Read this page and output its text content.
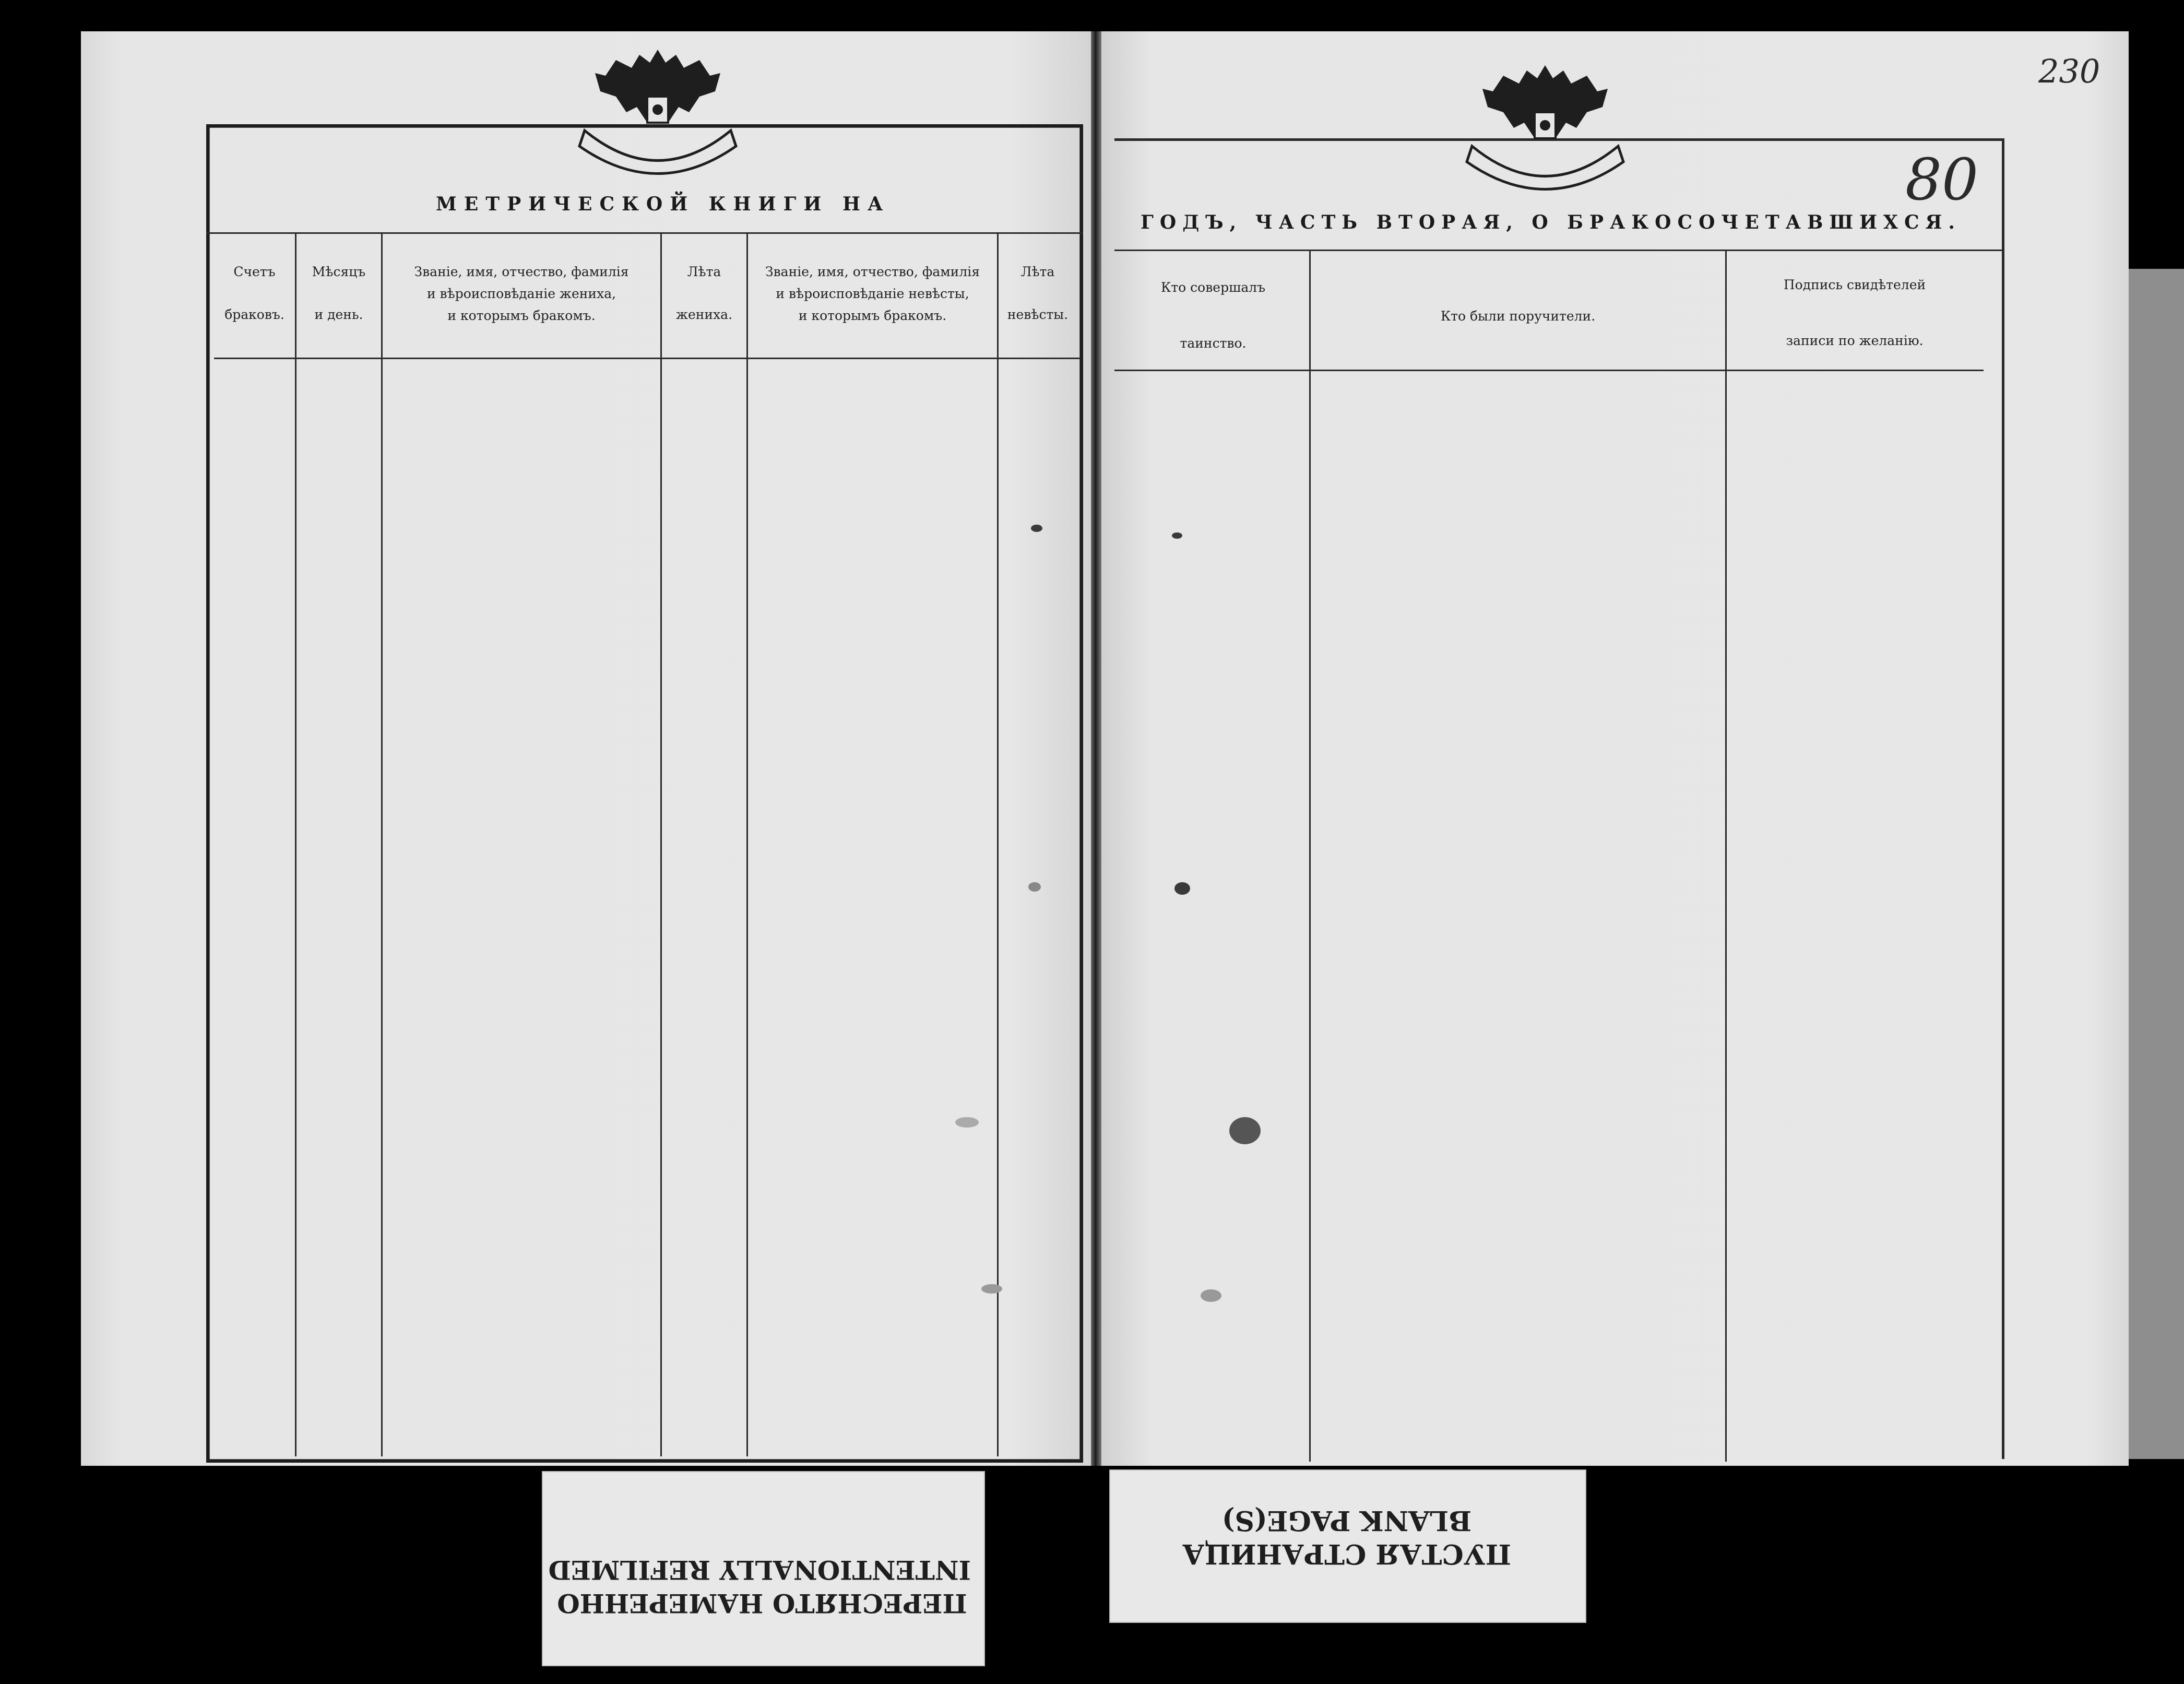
МЕТРИЧЕСКОЙ КНИГИ НА
Счетъ
браковъ.
Мѣсяцъ
и день.
Званіе, имя, отчество, фамилія
и вѣроисповѣданіе жениха,
и которымъ бракомъ.
Лѣта
жениха.
Званіе, имя, отчество, фамилія
и вѣроисповѣданіе невѣсты,
и которымъ бракомъ.
Лѣта
невѣсты.
ГОДЪ, ЧАСТЬ ВТОРАЯ, О БРАКОСОЧЕТАВШИХСЯ.
80
230
Кто совершалъ
таинство.
Кто были поручители.
Подпись свидѣтелей
записи по желанію.
ПЕРЕСНЯТО НАМЕРЕННО
INTENTIONALLY REFILMED
ПУСТАЯ СТРАНИЦА
BLANK PAGE(S)
